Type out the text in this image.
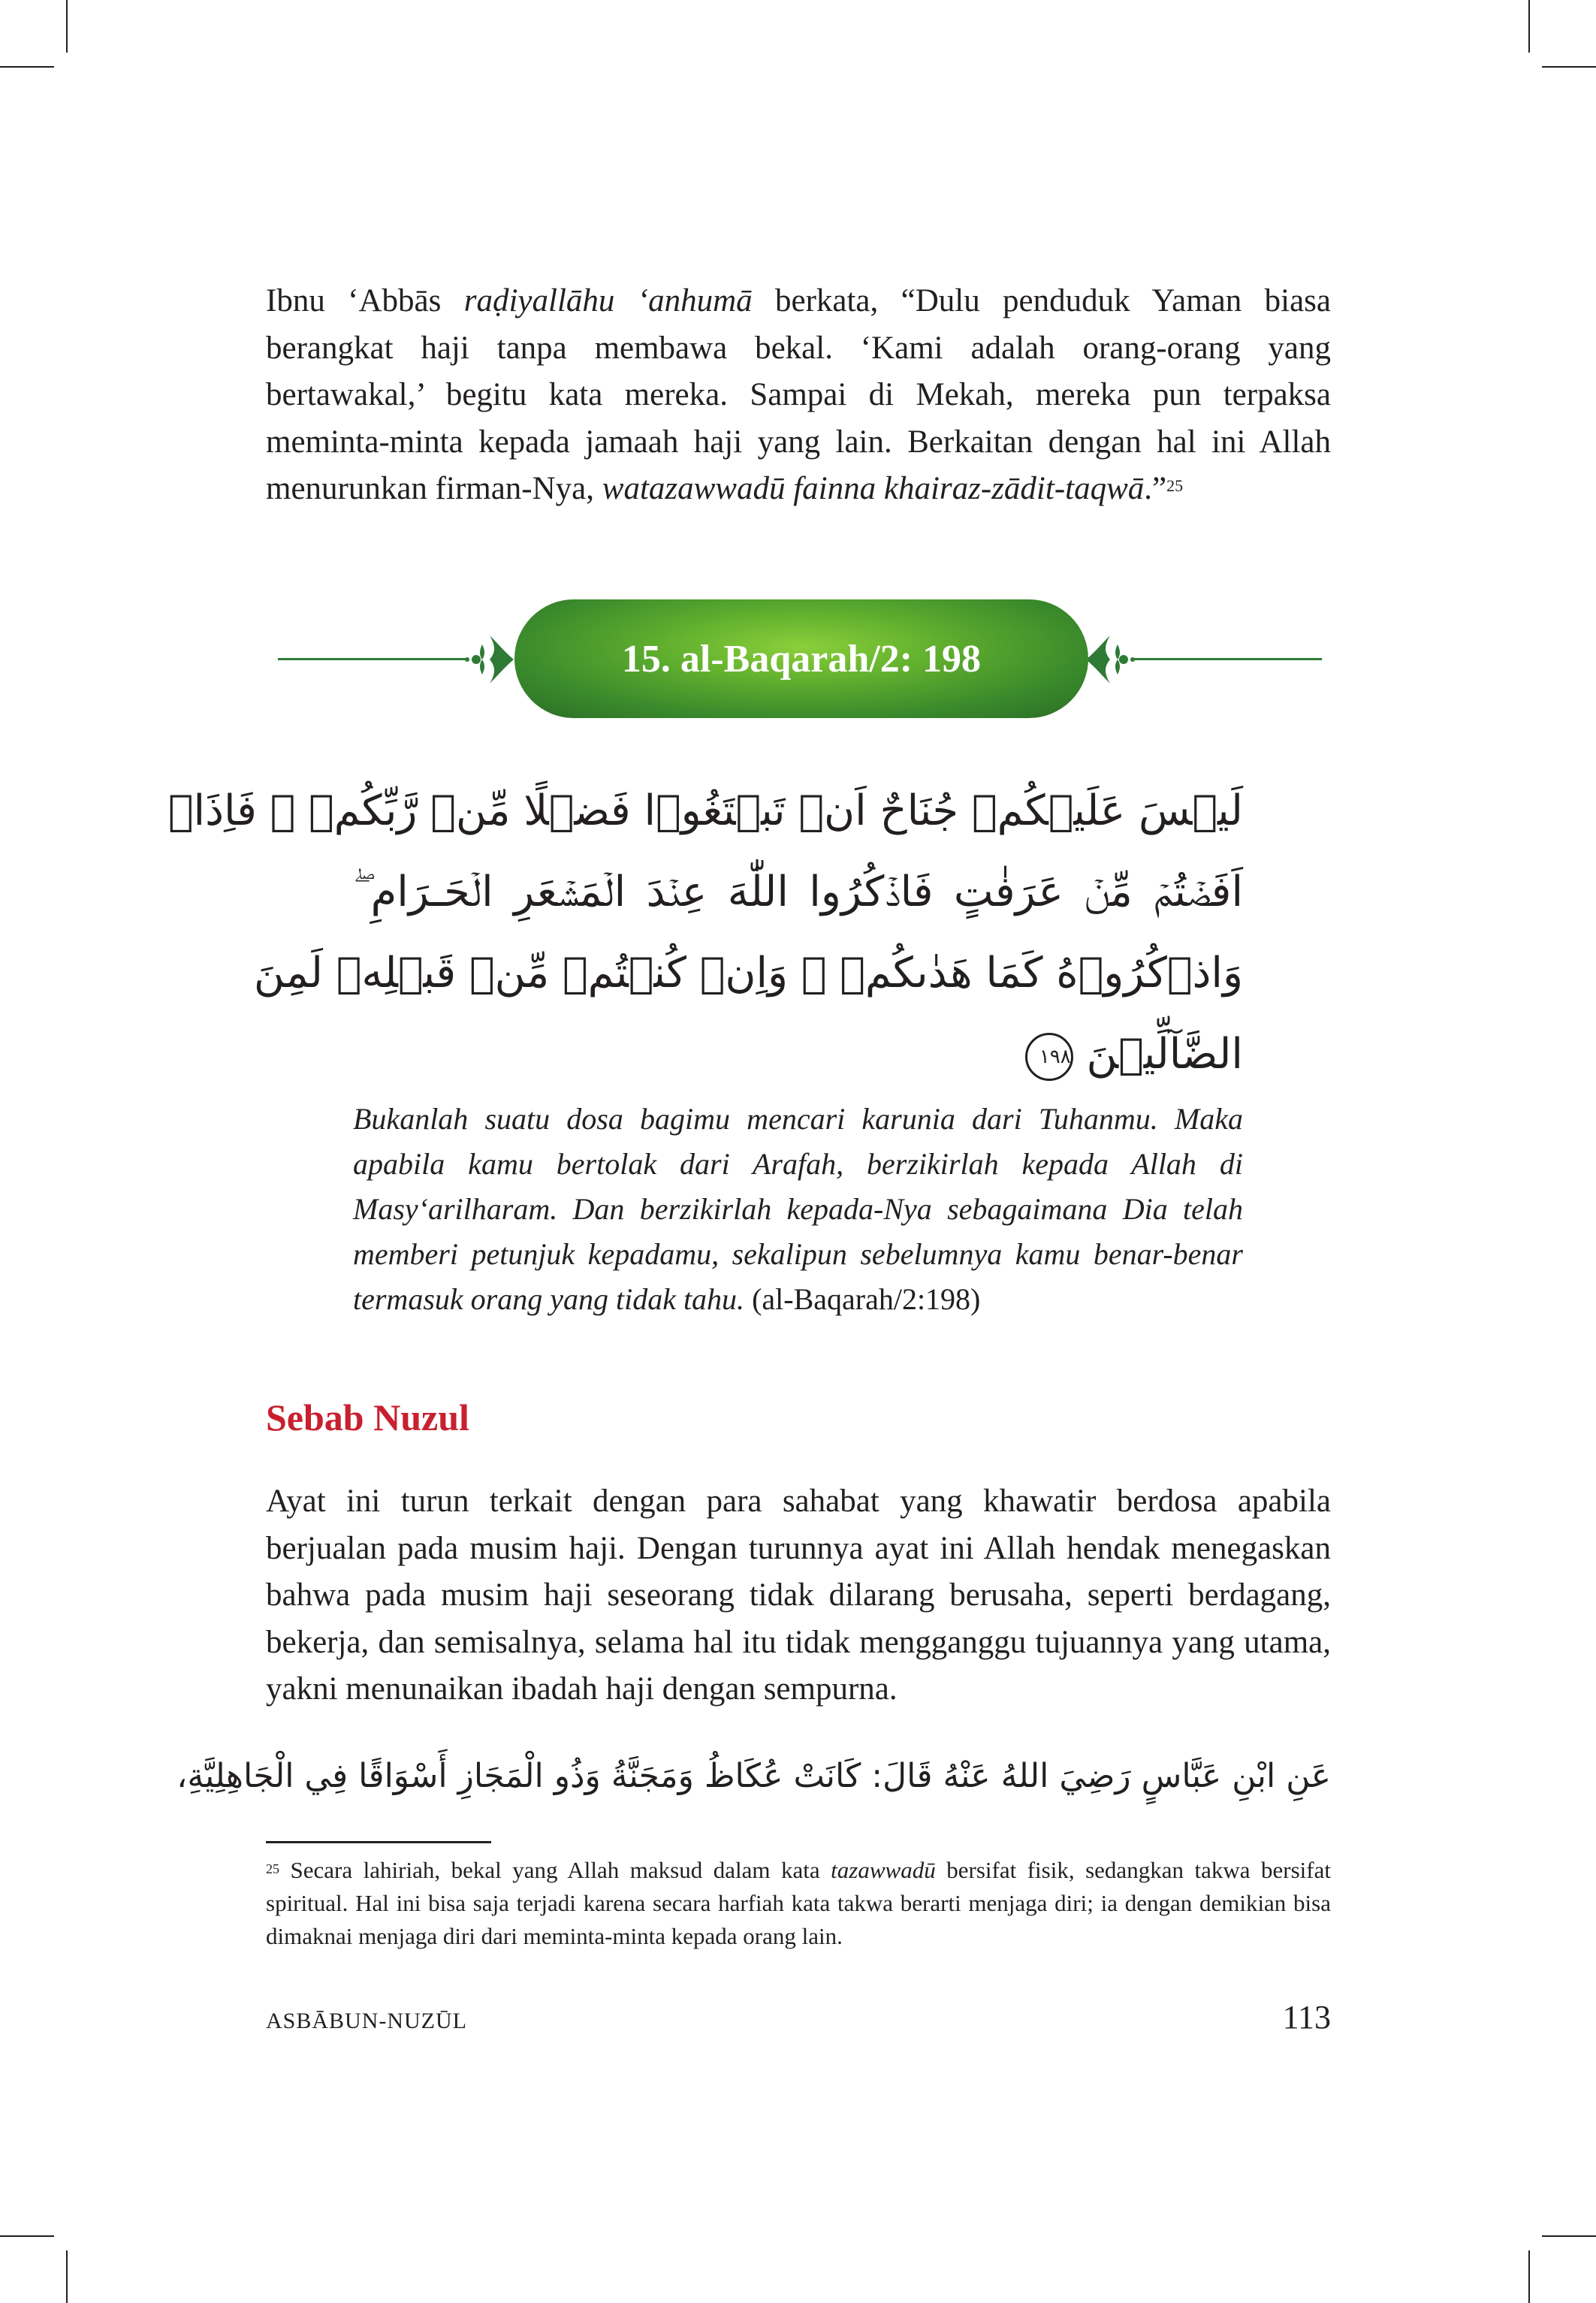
Ibnu ‘Abbās raḍiyallāhu ‘anhumā berkata, “Dulu penduduk Yaman biasa berangkat haji tanpa membawa bekal. ‘Kami adalah orang-orang yang bertawakal,’ begitu kata mereka. Sampai di Mekah, mereka pun terpaksa meminta-minta kepada jamaah haji yang lain. Berkaitan dengan hal ini Allah menurunkan firman-Nya, watazawwadū fainna khairaz-zādit-taqwā.”$^{25}$

15. al-Baqarah/2: 198

لَيۡسَ عَلَيۡكُمۡ جُنَاحٌ اَنۡ تَبۡتَغُوۡا فَضۡلًا مِّنۡ رَّبِّكُمۡ ۗ فَاِذَاۤ

اَفَضۡتُمۡ مِّنۡ عَرَفٰتٍ فَاذۡكُرُوا اللّٰهَ عِنۡدَ الۡمَشۡعَرِ الۡحَـرَامِ ۖ

وَاذۡكُرُوۡهُ كَمَا هَدٰٮكُمۡ ۚ وَاِنۡ كُنۡتُمۡ مِّنۡ قَبۡلِهٖ لَمِنَ

الضَّآلِّيۡنَ ١٩٨

Bukanlah suatu dosa bagimu mencari karunia dari Tuhanmu. Maka apabila kamu bertolak dari Arafah, berzikirlah kepada Allah di Masy‘arilharam. Dan berzikirlah kepada-Nya sebagaimana Dia telah memberi petunjuk kepadamu, sekalipun sebelumnya kamu benar-benar termasuk orang yang tidak tahu. (al-Baqarah/2:198)

Sebab Nuzul

Ayat ini turun terkait dengan para sahabat yang khawatir berdosa apabila berjualan pada musim haji. Dengan turunnya ayat ini Allah hendak menegaskan bahwa pada musim haji seseorang tidak dilarang berusaha, seperti berdagang, bekerja, dan semisalnya, selama hal itu tidak mengganggu tujuannya yang utama, yakni menunaikan ibadah haji dengan sempurna.

عَنِ ابْنِ عَبَّاسٍ رَضِيَ اللهُ عَنْهُ قَالَ: كَانَتْ عُكَاظُ وَمَجَنَّةُ وَذُو الْمَجَازِ أَسْوَاقًا فِي الْجَاهِلِيَّةِ،

$^{25}$ Secara lahiriah, bekal yang Allah maksud dalam kata tazawwadū bersifat fisik, sedangkan takwa bersifat spiritual. Hal ini bisa saja terjadi karena secara harfiah kata takwa berarti menjaga diri; ia dengan demikian bisa dimaknai menjaga diri dari meminta-minta kepada orang lain.

ASBĀBUN-NUZŪL	113
